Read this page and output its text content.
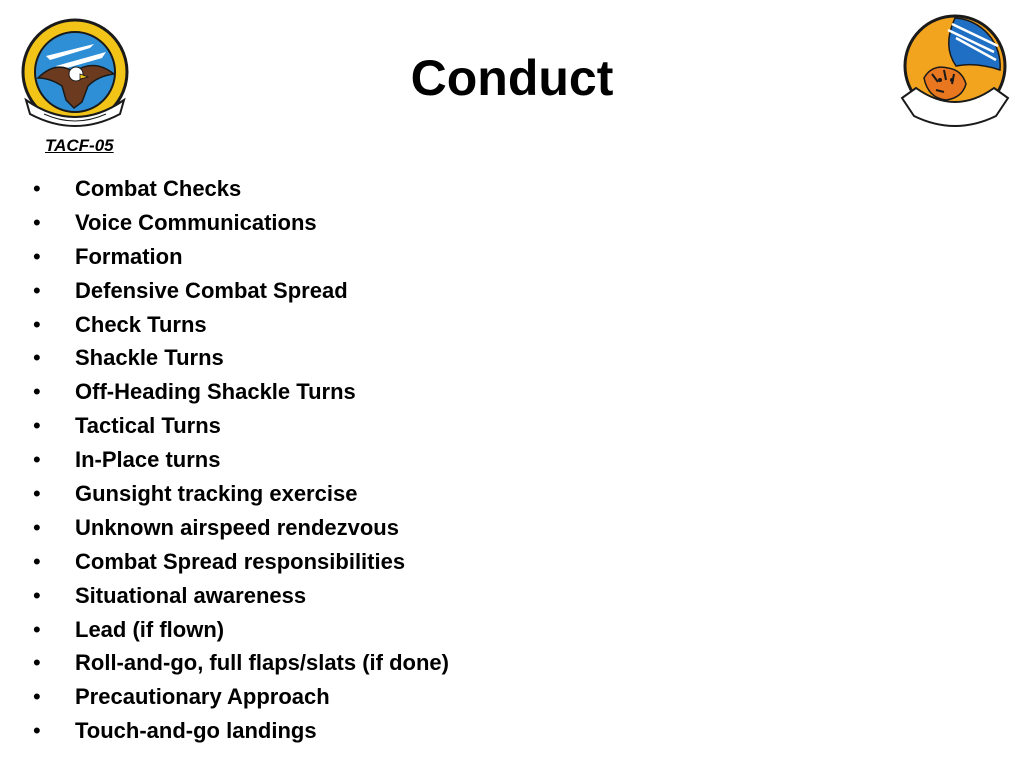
Conduct
TACF-05
• Combat Checks
• Voice Communications
• Formation
• Defensive Combat Spread
• Check Turns
• Shackle Turns
• Off-Heading Shackle Turns
• Tactical Turns
• In-Place turns
• Gunsight tracking exercise
• Unknown airspeed rendezvous
• Combat Spread responsibilities
• Situational awareness
• Lead (if flown)
• Roll-and-go, full flaps/slats (if done)
• Precautionary Approach
• Touch-and-go landings
